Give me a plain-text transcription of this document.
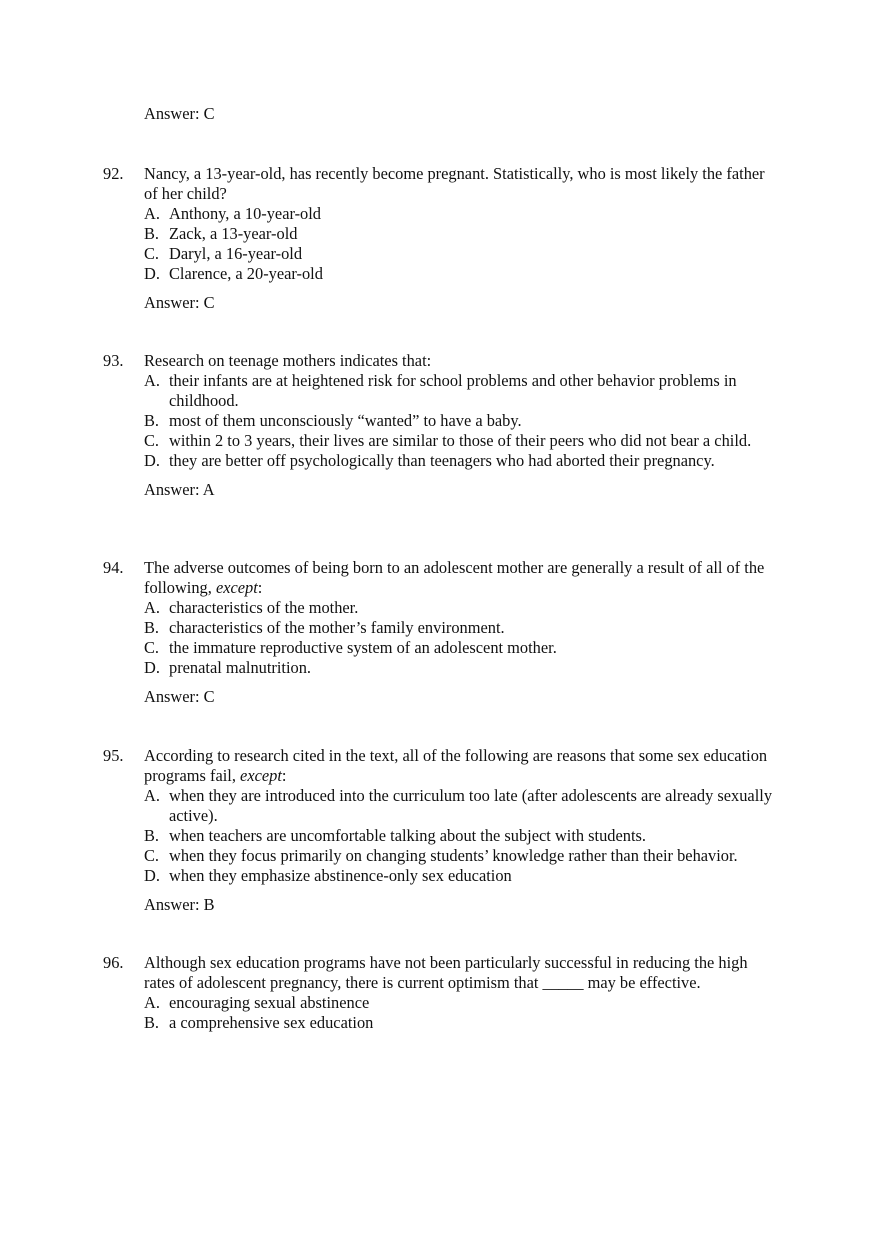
Answer: C
92. Nancy, a 13-year-old, has recently become pregnant. Statistically, who is most likely the father of her child?
A. Anthony, a 10-year-old
B. Zack, a 13-year-old
C. Daryl, a 16-year-old
D. Clarence, a 20-year-old
Answer: C
93. Research on teenage mothers indicates that:
A. their infants are at heightened risk for school problems and other behavior problems in childhood.
B. most of them unconsciously “wanted” to have a baby.
C. within 2 to 3 years, their lives are similar to those of their peers who did not bear a child.
D. they are better off psychologically than teenagers who had aborted their pregnancy.
Answer: A
94. The adverse outcomes of being born to an adolescent mother are generally a result of all of the following, except:
A. characteristics of the mother.
B. characteristics of the mother’s family environment.
C. the immature reproductive system of an adolescent mother.
D. prenatal malnutrition.
Answer: C
95. According to research cited in the text, all of the following are reasons that some sex education programs fail, except:
A. when they are introduced into the curriculum too late (after adolescents are already sexually active).
B. when teachers are uncomfortable talking about the subject with students.
C. when they focus primarily on changing students’ knowledge rather than their behavior.
D. when they emphasize abstinence-only sex education
Answer: B
96. Although sex education programs have not been particularly successful in reducing the high rates of adolescent pregnancy, there is current optimism that _____ may be effective.
A. encouraging sexual abstinence
B. a comprehensive sex education
